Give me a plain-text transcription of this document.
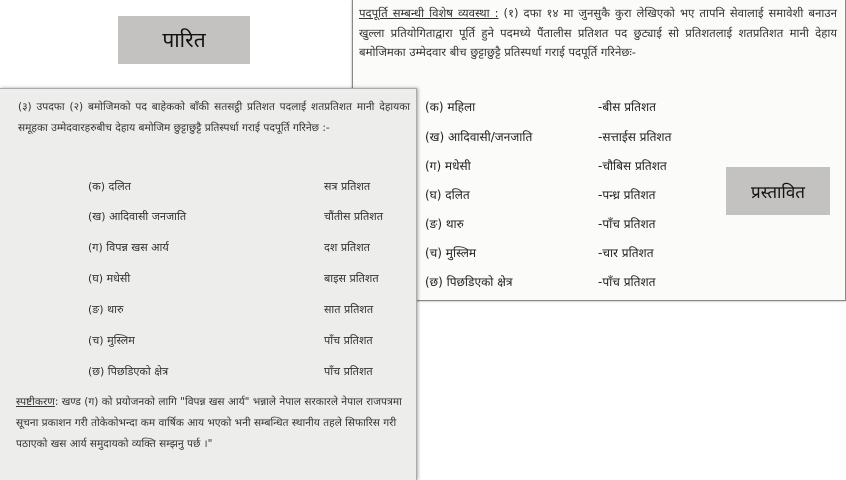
पदपूर्ति सम्बन्धी विशेष व्यवस्था : (१) दफा १४ मा जुनसुकै कुरा लेखिएको भए तापनि सेवालाई समावेशी बनाउन खुल्ला प्रतियोगिताद्वारा पूर्ति हुने पदमध्ये पैंतालीस प्रतिशत पद छुट्याई सो प्रतिशतलाई शतप्रतिशत मानी देहाय बमोजिमका उम्मेदवार बीच छुट्टाछुट्टै प्रतिस्पर्धा गराई पदपूर्ति गरिनेछः-
(क) महिला	-बीस प्रतिशत
(ख) आदिवासी/जनजाति	-सत्ताईस प्रतिशत
(ग) मधेसी	-चौबिस प्रतिशत
(घ) दलित	-पन्ध्र प्रतिशत
(ङ) थारु	-पाँच प्रतिशत
(च) मुस्लिम	-चार प्रतिशत
(छ) पिछडिएको क्षेत्र	-पाँच प्रतिशत
(३) उपदफा (२) बमोजिमको पद बाहेकको बाँकी सतसट्ठी प्रतिशत पदलाई शतप्रतिशत मानी देहायका समूहका उम्मेदवारहरुबीच देहाय बमोजिम छुट्टाछुट्टै प्रतिस्पर्धा गराई पदपूर्ति गरिनेछ :-
(क) दलित	सत्र प्रतिशत
(ख) आदिवासी जनजाति	चौंतीस प्रतिशत
(ग) विपन्न खस आर्य	दश प्रतिशत
(घ) मधेसी	बाइस प्रतिशत
(ङ) थारु	सात प्रतिशत
(च) मुस्लिम	पाँच प्रतिशत
(छ) पिछडिएको क्षेत्र	पाँच प्रतिशत
स्पष्टीकरण: खण्ड (ग) को प्रयोजनको लागि "विपन्न खस आर्य" भन्नाले नेपाल सरकारले नेपाल राजपत्रमा सूचना प्रकाशन गरी तोकेकोभन्दा कम वार्षिक आय भएको भनी सम्बन्धित स्थानीय तहले सिफारिस गरी पठाएको खस आर्य समुदायको व्यक्ति सम्झनु पर्छ ।"
पारित
प्रस्तावित
